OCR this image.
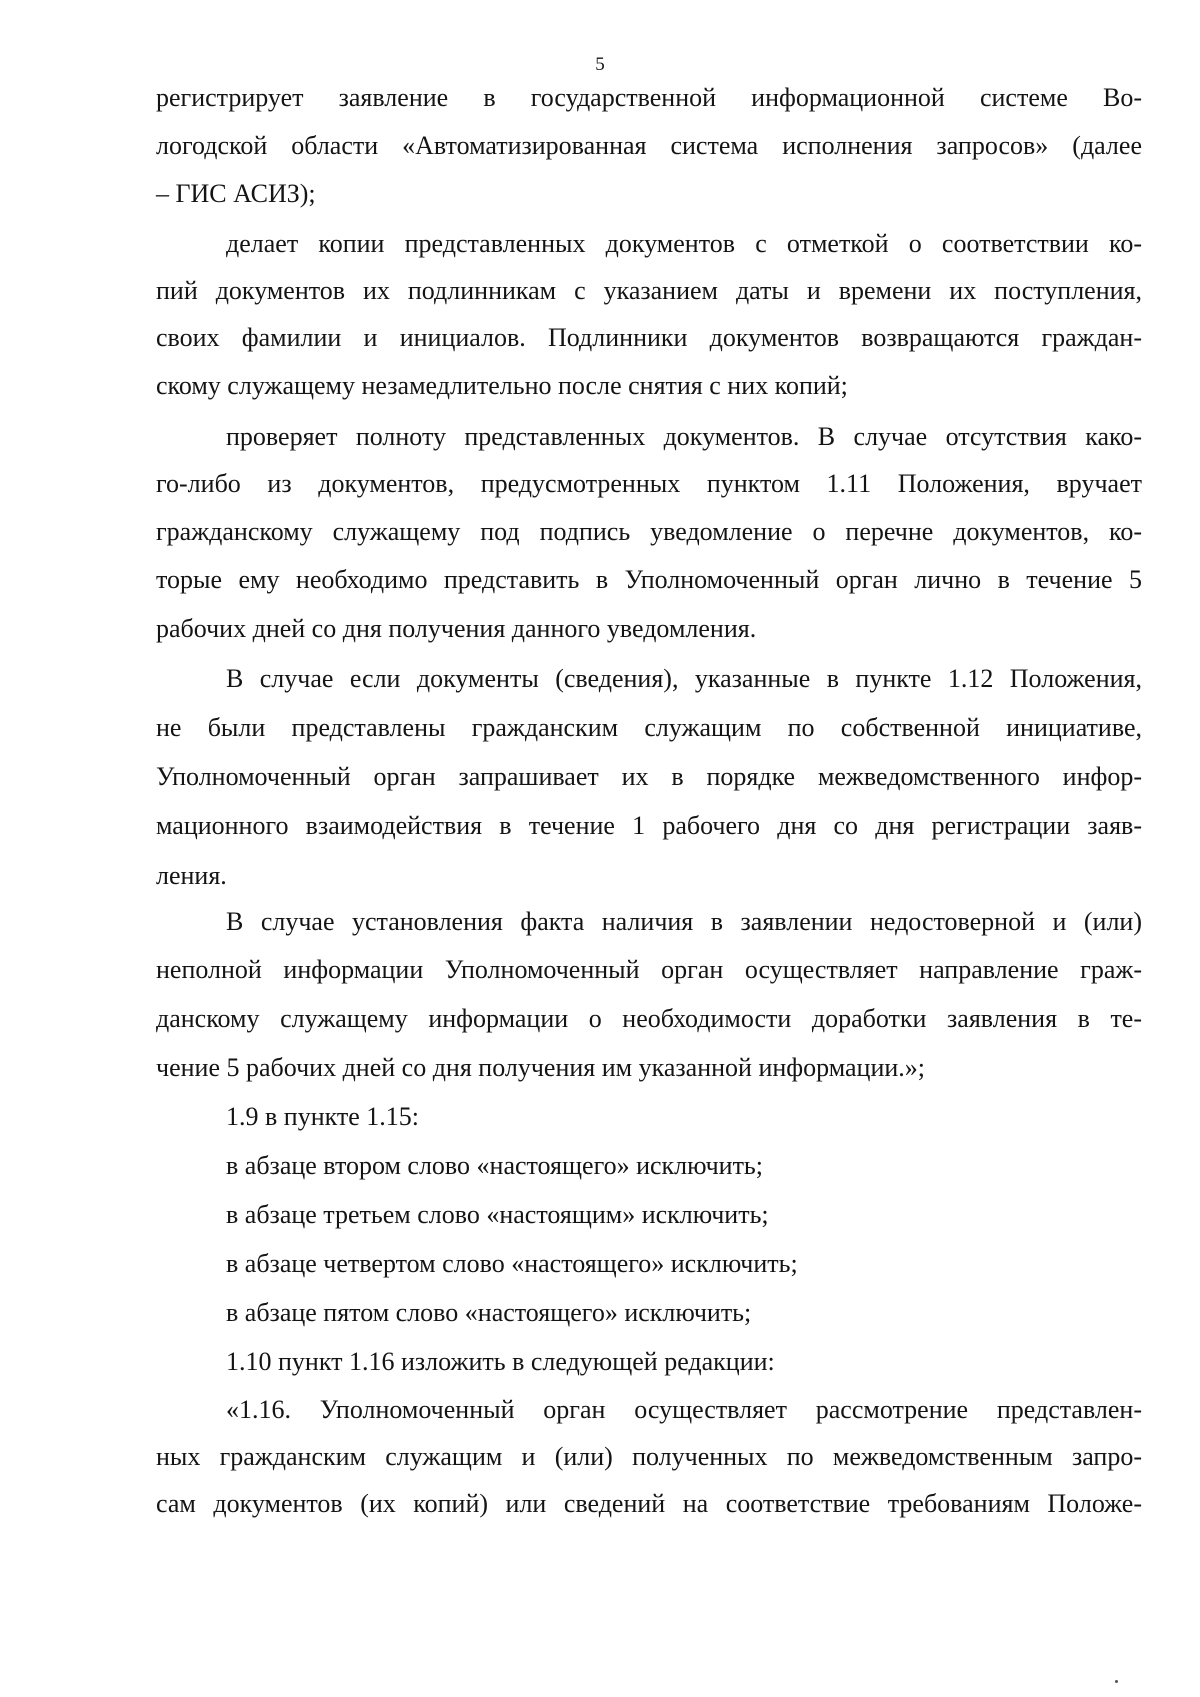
5
регистрирует заявление в государственной информационной системе Во-
логодской области «Автоматизированная система исполнения запросов» (далее
– ГИС АСИЗ);
делает копии представленных документов с отметкой о соответствии ко-
пий документов их подлинникам с указанием даты и времени их поступления,
своих фамилии и инициалов. Подлинники документов возвращаются граждан-
скому служащему незамедлительно после снятия с них копий;
проверяет полноту представленных документов. В случае отсутствия како-
го-либо из документов, предусмотренных пунктом 1.11 Положения, вручает
гражданскому служащему под подпись уведомление о перечне документов, ко-
торые ему необходимо представить в Уполномоченный орган лично в течение 5
рабочих дней со дня получения данного уведомления.
В случае если документы (сведения), указанные в пункте 1.12 Положения,
не были представлены гражданским служащим по собственной инициативе,
Уполномоченный орган запрашивает их в порядке межведомственного инфор-
мационного взаимодействия в течение 1 рабочего дня со дня регистрации заяв-
ления.
В случае установления факта наличия в заявлении недостоверной и (или)
неполной информации Уполномоченный орган осуществляет направление граж-
данскому служащему информации о необходимости доработки заявления в те-
чение 5 рабочих дней со дня получения им указанной информации.»;
1.9 в пункте 1.15:
в абзаце втором слово «настоящего» исключить;
в абзаце третьем слово «настоящим» исключить;
в абзаце четвертом слово «настоящего» исключить;
в абзаце пятом слово «настоящего» исключить;
1.10 пункт 1.16 изложить в следующей редакции:
«1.16. Уполномоченный орган осуществляет рассмотрение представлен-
ных гражданским служащим и (или) полученных по межведомственным запро-
сам документов (их копий) или сведений на соответствие требованиям Положе-
